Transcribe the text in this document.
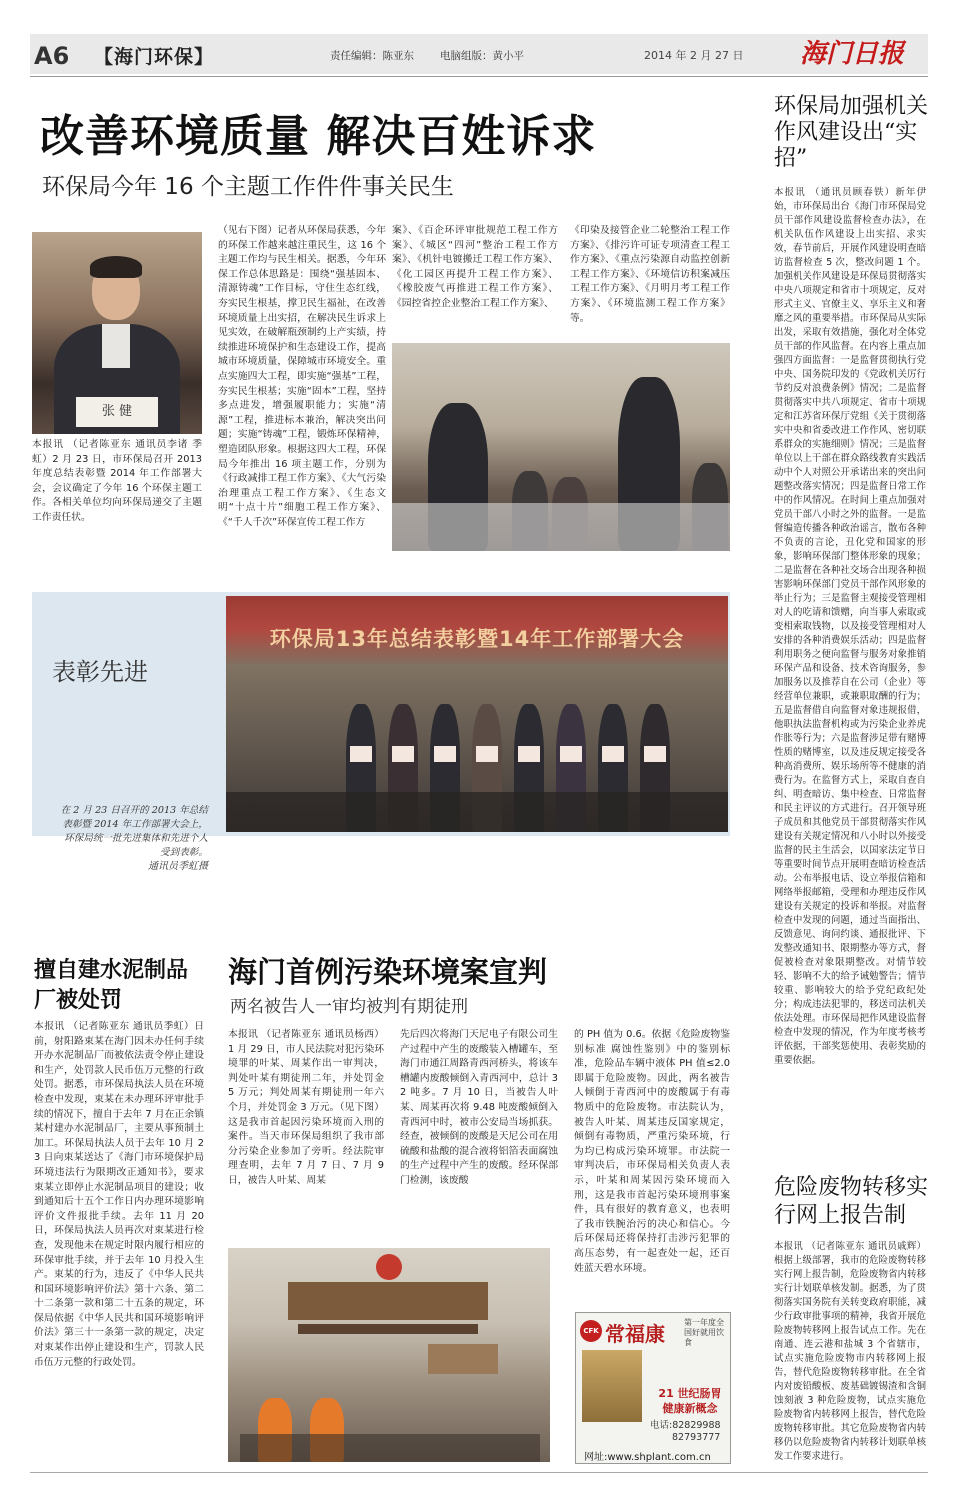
A6	【海门环保】	责任编辑：陈亚东 电脑组版：黄小平	2014 年 2 月 27 日 海门日报
改善环境质量 解决百姓诉求
环保局今年 16 个主题工作件件事关民生
张 健
本报讯 （记者陈亚东 通讯员李诸 季虹）2 月 23 日，市环保局召开 2013 年度总结表彰暨 2014 年工作部署大会，会议确定了今年 16 个环保主题工作。各相关单位均向环保局递交了主题工作责任状。
（见右下图）记者从环保局获悉，今年的环保工作越来越注重民生，这 16 个主题工作均与民生相关。据悉，今年环保工作总体思路是：围绕“强基固本、清源铸魂”工作目标，守住生态红线，夯实民生根基，撑卫民生福祉，在改善环境质量上出实招，在解决民生诉求上见实效，在破解瓶颈制约上产实绩，持续推进环境保护和生态建设工作，提高城市环境质量，保障城市环境安全。重点实施四大工程，即实施“强基”工程，夯实民生根基；实施“固本”工程，坚持多点进发，增强履职能力；实施“清源”工程，推进标本兼治，解决突出问题；实施“铸魂”工程，锻炼环保精神，塑造团队形象。根据这四大工程，环保局今年推出 16 项主题工作，分别为《行政减排工程工作方案》、《大气污染治理重点工程工作方案》、《生态文明“十点十片”细胞工程工作方案》、《“千人千次”环保宣传工程工作方
案》、《百企环评审批规范工程工作方案》、《城区“四河”整治工程工作方案》、《机针电镀搬迁工程工作方案》、《化工园区再提升工程工作方案》、《橡胶废气再推进工程工作方案》、《园控省控企业整治工程工作方案》、
《印染及接管企业二轮整治工程工作方案》、《排污许可证专项清查工程工作方案》、《重点污染源自动监控创新工程工作方案》、《环境信访积案减压工程工作方案》、《月明月考工程工作方案》、《环境监测工程工作方案》等。
表彰先进
环保局13年总结表彰暨14年工作部署大会
在 2 月 23 日召开的 2013 年总结表彰暨 2014 年工作部署大会上，环保局统一批先进集体和先进个人受到表彰。
通讯员季虹摄
环保局加强机关作风建设出“实招”
本报讯 （通讯员顾春铁）新年伊始，市环保局出台《海门市环保局党员干部作风建设监督检查办法》，在机关队伍作风建设上出实招、求实效，春节前后，开展作风建设明查暗访监督检查 5 次，整改问题 1 个。加强机关作风建设是环保局贯彻落实中央八项规定和省市十项规定，反对形式主义、官僚主义、享乐主义和奢靡之风的重要举措。市环保局从实际出发，采取有效措施，强化对全体党员干部的作风监督。在内容上重点加强四方面监督：一是监督贯彻执行党中央、国务院印发的《党政机关厉行节约反对浪费条例》情况；二是监督贯彻落实中共八项规定、省市十项规定和江苏省环保厅党组《关于贯彻落实中央和省委改进工作作风、密切联系群众的实施细则》情况；三是监督单位以上干部在群众路线教育实践活动中个人对照公开承诺出来的突出问题整改落实情况；四是监督日常工作中的作风情况。在时间上重点加强对党员干部八小时之外的监督。一是监督编造传播各种政治谣言，散布各种不负责的言论，丑化党和国家的形象，影响环保部门整体形象的现象；二是监督在各种社交场合出现各种损害影响环保部门党员干部作风形象的举止行为；三是监督主观接受管理相对人的吃请和馈赠，向当事人索取或变相索取钱物，以及接受管理相对人安排的各种消费娱乐活动；四是监督利用职务之便向监督与服务对象推销环保产品和设备、技术咨询服务，参加服务以及推荐自在公司（企业）等经营单位兼职，或兼职取酬的行为；五是监督借自向监督对象违规报借，他职执法监督机构或为污染企业养虎作胀等行为；六是监督涉足带有赌博性质的赌博室，以及违反规定接受各种高消费所、娱乐场所等不健康的消费行为。在监督方式上，采取自查自纠、明查暗访、集中检查、日常监督和民主评议的方式进行。召开领导班子成员和其他党员干部贯彻落实作风建设有关规定情况和八小时以外接受监督的民主生活会，以国家法定节日等重要时间节点开展明查暗访检查活动。公布举报电话、设立举报信箱和网络举报邮箱，受理和办理违反作风建设有关规定的投诉和举报。对监督检查中发现的问题，通过当面指出、反馈意见、询问约谈、通报批评、下发整改通知书、限期整办等方式，督促被检查对象限期整改。对情节较轻、影响不大的给予诫勉警告；情节较重、影响较大的给予党纪政纪处分；构成违法犯罪的，移送司法机关依法处理。市环保局把作风建设监督检查中发现的情况，作为年度考核考评依据，干部奖惩使用、表彰奖励的重要依据。
擅自建水泥制品厂被处罚
本报讯 （记者陈亚东 通讯员季虹）日前，射阳路束某在海门因未办任何手续开办水泥制品厂而被依法责令停止建设和生产，处罚款人民币伍万元整的行政处罚。据悉，市环保局执法人员在环境检查中发现，束某在未办理环评审批手续的情况下，擅自于去年 7 月在正余镇某村建办水泥制品厂，主要从事预制土加工。环保局执法人员于去年 10 月 23 日向束某送达了《海门市环境保护局环境违法行为限期改正通知书》，要求束某立即停止水泥制品项目的建设；收到通知后十五个工作日内办理环境影响评价文件报批手续。去年 11 月 20 日，环保局执法人员再次对束某进行检查，发现他未在规定时限内履行相应的环保审批手续，并于去年 10 月投入生产。束某的行为，违反了《中华人民共和国环境影响评价法》第十六条、第二十二条第一款和第二十五条的规定，环保局依据《中华人民共和国环境影响评价法》第三十一条第一款的规定，决定对束某作出停止建设和生产，罚款人民币伍万元整的行政处罚。
海门首例污染环境案宣判
两名被告人一审均被判有期徒刑
本报讯 （记者陈亚东 通讯员杨西）1 月 29 日，市人民法院对犯污染环境罪的叶某、周某作出一审判决，判处叶某有期徒刑二年，并处罚金 5 万元；判处周某有期徒刑一年六个月，并处罚金 3 万元。（见下图）这是我市首起因污染环境而入刑的案件。当天市环保局组织了我市部分污染企业参加了旁听。经法院审理查明，去年 7 月 7 日、7 月 9 日，被告人叶某、周某
先后四次将海门天尼电子有限公司生产过程中产生的废酸装入槽罐车，至海门市通江周路青西河桥头，将该车槽罐内废酸倾倒入青西河中，总计 32 吨多。7 月 10 日，当被告人叶某、周某再次将 9.48 吨废酸倾倒入青西河中时，被市公安局当场抓获。经查，被倾倒的废酸是天尼公司在用硫酸和盐酸的混合液将铝箔表面腐蚀的生产过程中产生的废酸。经环保部门检测，该废酸
的 PH 值为 0.6。依据《危险废物鉴别标准 腐蚀性鉴别》中的鉴别标准，危险品车辆中液体 PH 值≤2.0 即属于危险废物。因此，两名被告人倾倒于青西河中的废酸属于有毒物质中的危险废物。市法院认为，被告人叶某、周某违反国家规定，倾倒有毒物质，严重污染环境，行为均已构成污染环境罪。市法院一审判决后，市环保局相关负责人表示，叶某和周某因污染环境而入刑，这是我市首起污染环境刑事案件，具有很好的教育意义，也表明了我市铁腕治污的决心和信心。今后环保局还将保持打击涉污犯罪的高压态势，有一起查处一起，还百姓蓝天碧水环境。
CFK 常福康 第一年度全国好就用饮食
21 世纪肠胃
健康新概念
电话:82829988
82793777
网址:www.shplant.com.cn
危险废物转移实行网上报告制
本报讯 （记者陈亚东 通讯员戚辉）根据上级部署，我市的危险废物转移实行网上报告制，危险废物省内转移实行计划联单核发制。据悉，为了贯彻落实国务院有关转变政府职能，减少行政审批事项的精神，我省开展危险废物转移网上报告试点工作。先在南通、连云港和盐城 3 个省辖市，试点实施危险废物市内转移网上报告，替代危险废物转移审批。在全省内对废铅酸板、废基础镀锡渣和含铜蚀刻液 3 种危险废物，试点实施危险废物省内转移网上报告，替代危险废物转移审批。其它危险废物省内转移仍以危险废物省内转移计划联单核发工作要求进行。
